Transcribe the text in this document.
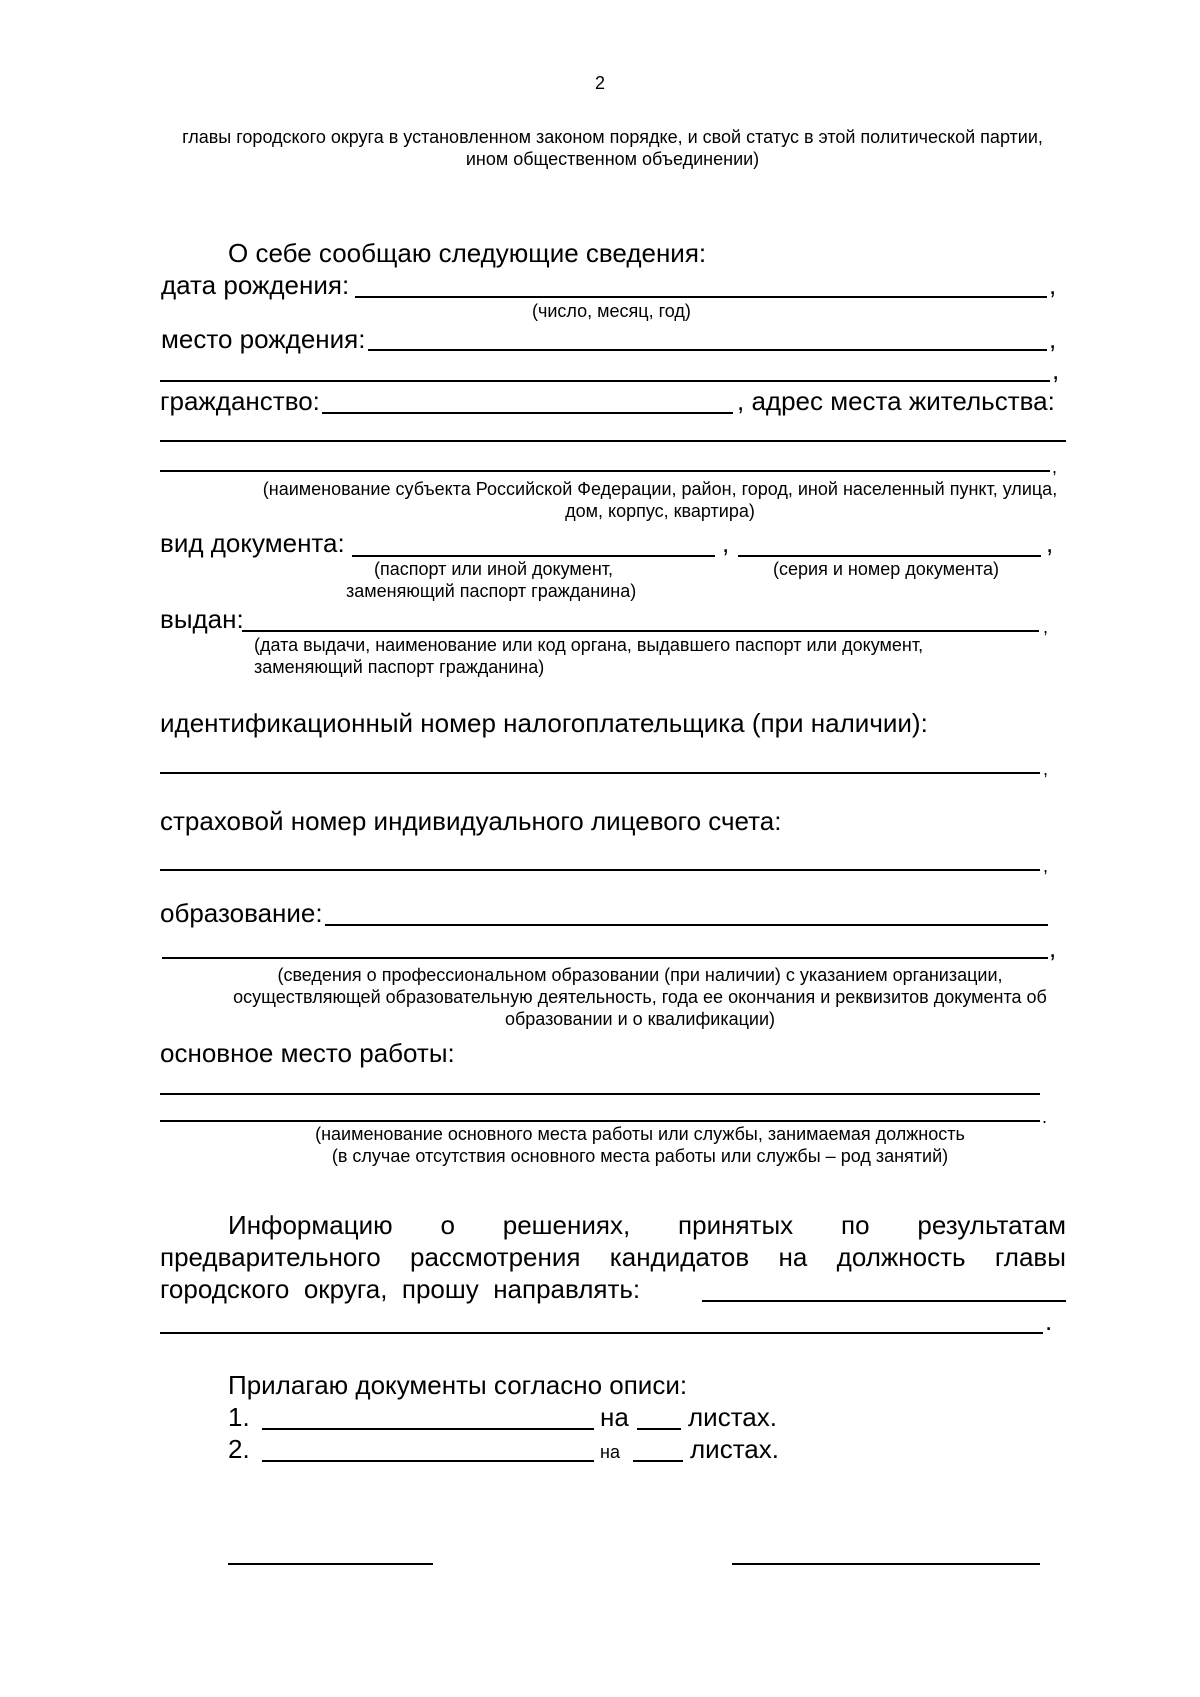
2
главы городского округа в установленном законом порядке, и свой статус в этой политической партии,
ином общественном объединении)
О себе сообщаю следующие сведения:
дата рождения:	,
(число, месяц, год)
место рождения:	,
,
гражданство:	, адрес места жительства:
,
(наименование субъекта Российской Федерации, район, город, иной населенный пункт, улица,
дом, корпус, квартира)
вид документа:	,	,
(паспорт или иной документ,
заменяющий паспорт гражданина)
(серия и номер документа)
выдан:	,
(дата выдачи, наименование или код органа, выдавшего паспорт или документ,
заменяющий паспорт гражданина)
идентификационный номер налогоплательщика (при наличии):
,
страховой номер индивидуального лицевого счета:
,
образование:
,
(сведения о профессиональном образовании (при наличии) с указанием организации,
осуществляющей образовательную деятельность, года ее окончания и реквизитов документа об
образовании и о квалификации)
основное место работы:
.
(наименование основного места работы или службы, занимаемая должность
(в случае отсутствия основного места работы или службы – род занятий)
Информацию о решениях, принятых по результатам
предварительного рассмотрения кандидатов на должность главы
городского  округа,  прошу  направлять:
.
Прилагаю документы согласно описи:
1.	на листах.
2.	на	листах.
